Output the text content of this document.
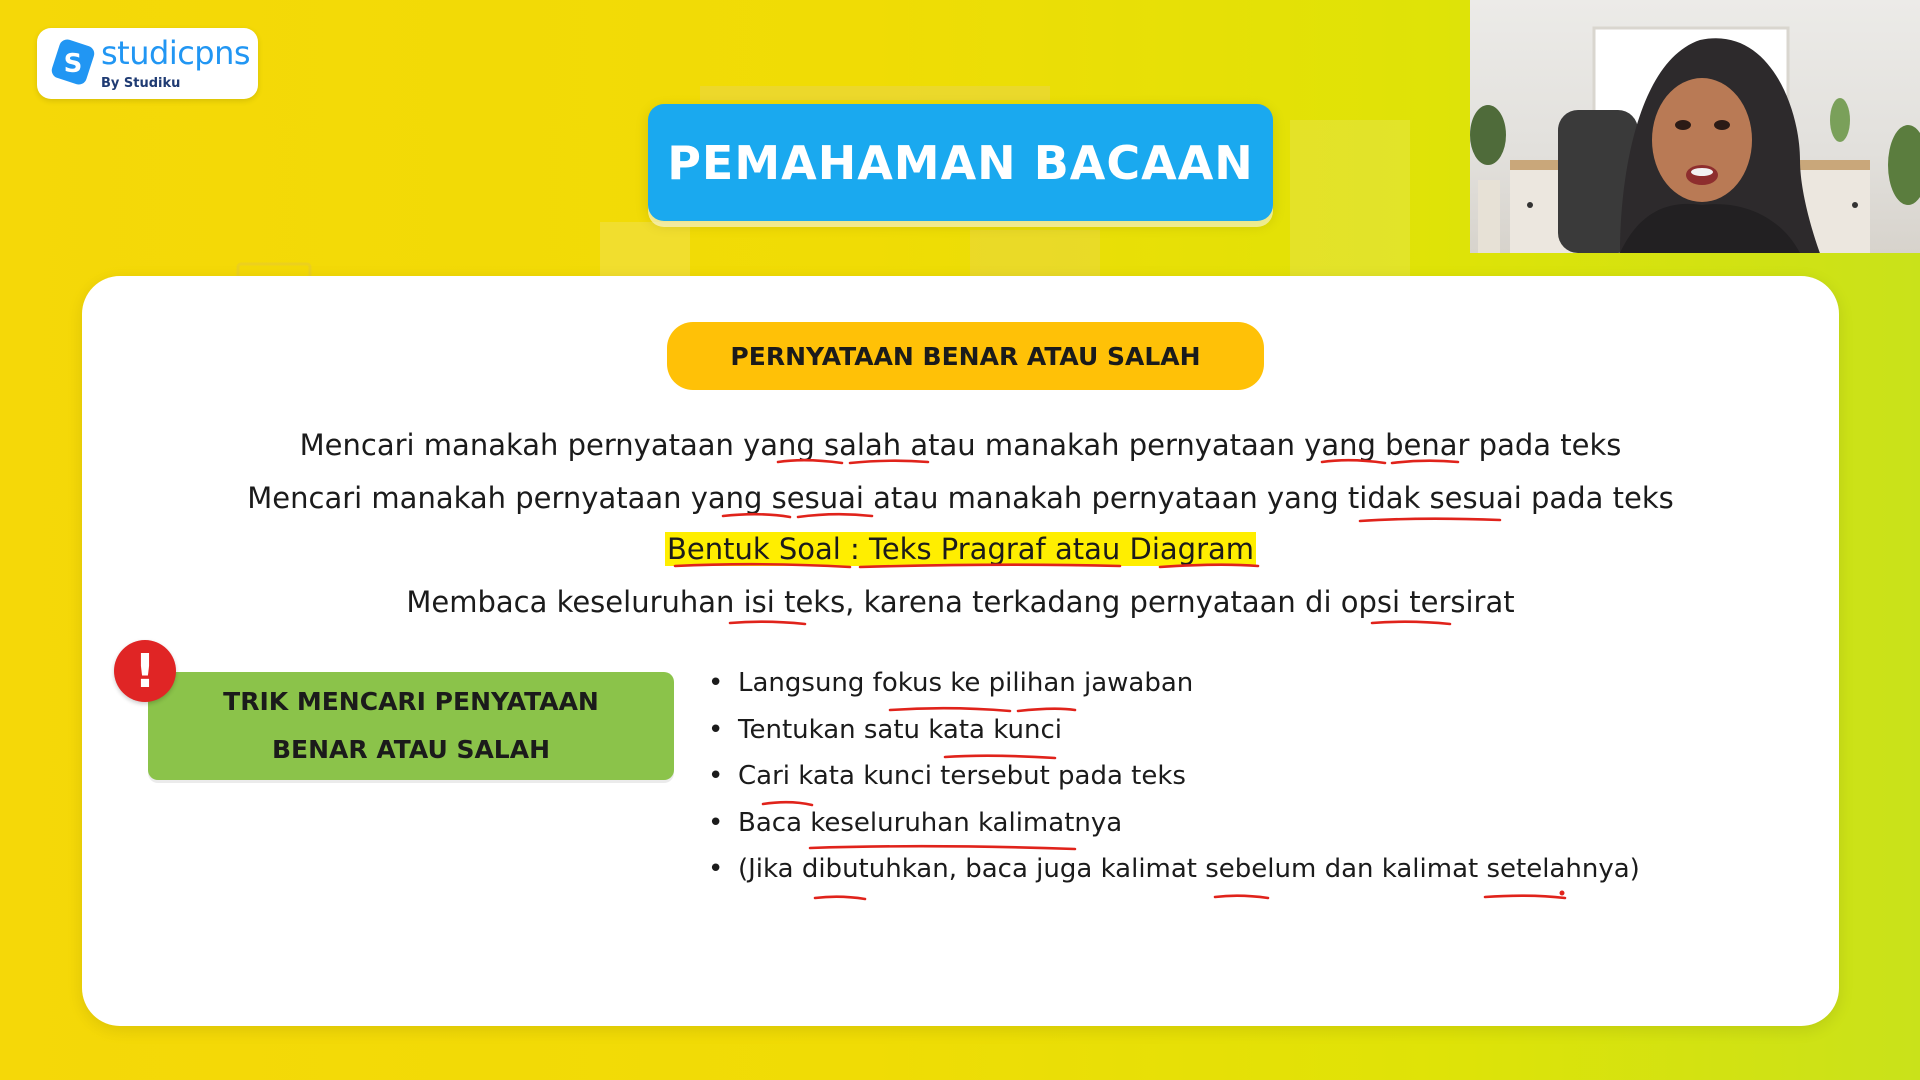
S studicpns
By Studiku
PEMAHAMAN BACAAN
PERNYATAAN BENAR ATAU SALAH
Mencari manakah pernyataan yang salah atau manakah pernyataan yang benar pada teks
Mencari manakah pernyataan yang sesuai atau manakah pernyataan yang tidak sesuai pada teks
Bentuk Soal : Teks Pragraf atau Diagram
Membaca keseluruhan isi teks, karena terkadang pernyataan di opsi tersirat
TRIK MENCARI PENYATAAN
BENAR ATAU SALAH
!
•	Langsung fokus ke pilihan jawaban
• Tentukan satu kata kunci
• Cari kata kunci tersebut pada teks
• Baca keseluruhan kalimatnya
• (Jika dibutuhkan, baca juga kalimat sebelum dan kalimat setelahnya)
